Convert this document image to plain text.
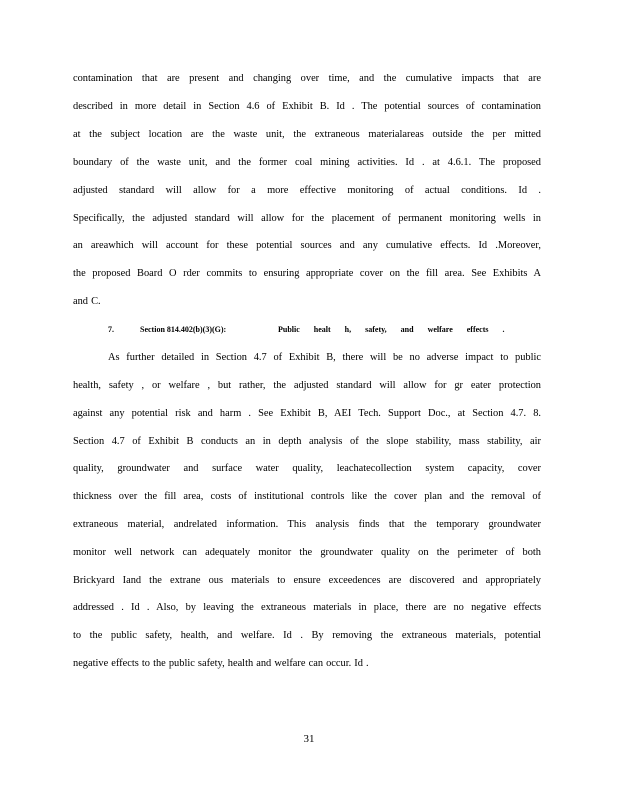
contamination that are present and changing over time, and the cumulative impacts that are
described in more detail in Section 4.6 of Exhibit B. Id . The potential sources of contamination
at the subject location are the waste unit, the extraneous materialareas outside the per mitted
boundary of the waste unit, and the former coal mining activities. Id . at 4.6.1. The proposed
adjusted standard will allow for a more effective monitoring of actual conditions. Id .
Specifically, the adjusted standard will allow for the placement of permanent monitoring wells in
an areawhich will account for these potential sources and any cumulative effects. Id .Moreover,
the proposed Board O rder commits to ensuring appropriate cover on the fill area. See Exhibits A
and C.
7.	Section 814.402(b)(3)(G):	Public healt h, safety, and welfare effects .
As further detailed in Section 4.7 of Exhibit B, there will be no adverse impact to public
health, safety , or welfare , but rather, the adjusted standard will allow for gr eater protection
against any potential risk and harm . See Exhibit B, AEI Tech. Support Doc., at Section 4.7. 8.
Section 4.7 of Exhibit B conducts an in depth analysis of the slope stability, mass stability, air
quality, groundwater and surface water quality, leachatecollection system capacity, cover
thickness over the fill area, costs of institutional controls like the cover plan and the removal of
extraneous material, andrelated information. This analysis finds that the temporary groundwater
monitor well network can adequately monitor the groundwater quality on the perimeter of both
Brickyard Iand the extrane ous materials to ensure exceedences are discovered and appropriately
addressed . Id . Also, by leaving the extraneous materials in place, there are no negative effects
to the public safety, health, and welfare. Id . By removing the extraneous materials, potential
negative effects to the public safety, health and welfare can occur. Id .
31
